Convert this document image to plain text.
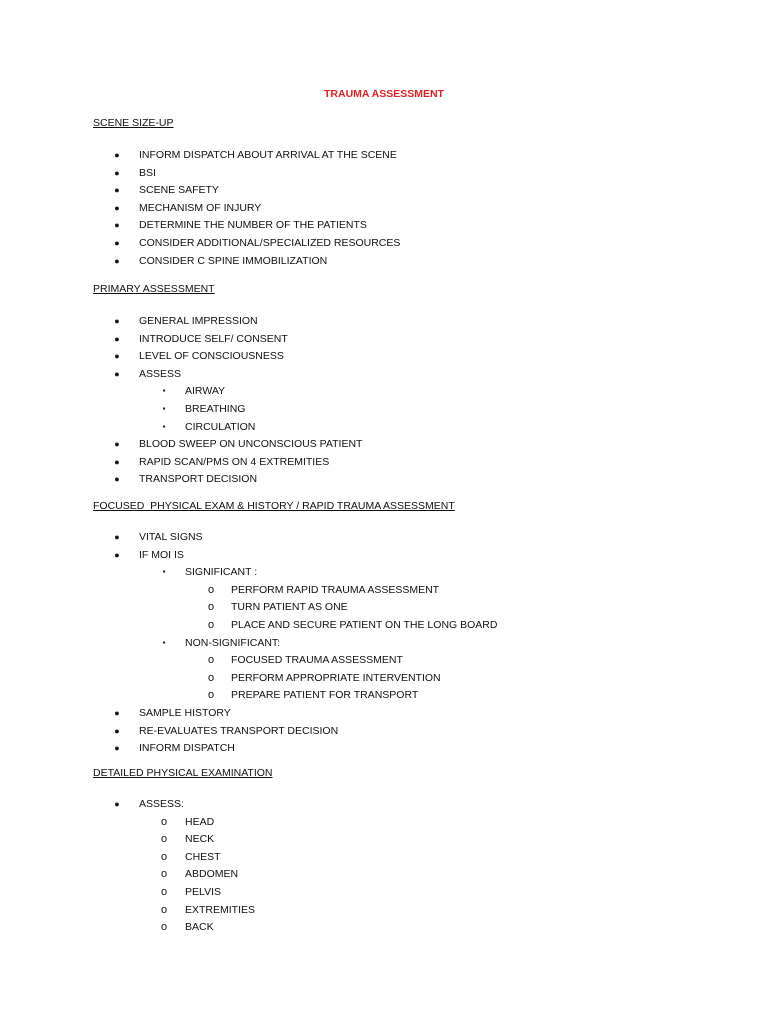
TRAUMA ASSESSMENT
SCENE SIZE-UP
●	INFORM DISPATCH ABOUT ARRIVAL AT THE SCENE
●	BSI
●	SCENE SAFETY
●	MECHANISM OF INJURY
●	DETERMINE THE NUMBER OF THE PATIENTS
●	CONSIDER ADDITIONAL/SPECIALIZED RESOURCES
●	CONSIDER C SPINE IMMOBILIZATION
PRIMARY ASSESSMENT
●	GENERAL IMPRESSION
●	INTRODUCE SELF/ CONSENT
●	LEVEL OF CONSCIOUSNESS
●	ASSESS
▪	AIRWAY
▪	BREATHING
▪	CIRCULATION
●	BLOOD SWEEP ON UNCONSCIOUS PATIENT
●	RAPID SCAN/PMS ON 4 EXTREMITIES
●	TRANSPORT DECISION
FOCUSED  PHYSICAL EXAM & HISTORY / RAPID TRAUMA ASSESSMENT
●	VITAL SIGNS
●	IF MOI IS
▪	SIGNIFICANT :
o PERFORM RAPID TRAUMA ASSESSMENT
o TURN PATIENT AS ONE
o PLACE AND SECURE PATIENT ON THE LONG BOARD
▪	NON-SIGNIFICANT:
o FOCUSED TRAUMA ASSESSMENT
o PERFORM APPROPRIATE INTERVENTION
o PREPARE PATIENT FOR TRANSPORT
●	SAMPLE HISTORY
●	RE-EVALUATES TRANSPORT DECISION
●	INFORM DISPATCH
DETAILED PHYSICAL EXAMINATION
●	ASSESS:
o HEAD
o NECK
o CHEST
o ABDOMEN
o PELVIS
o EXTREMITIES
o BACK
